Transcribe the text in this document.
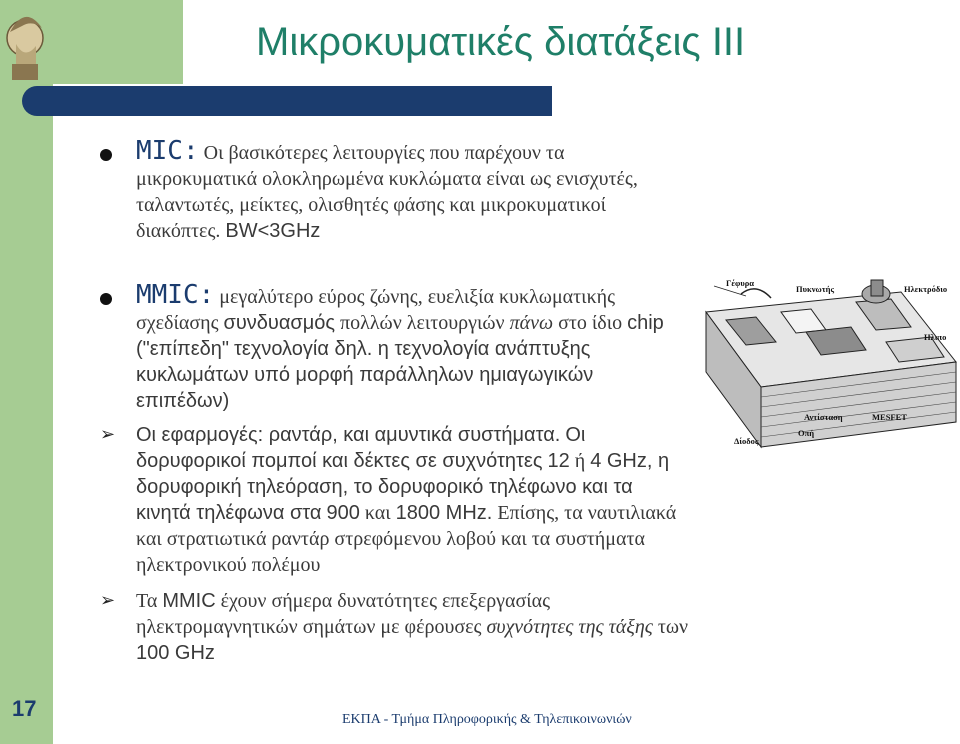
Μικροκυματικές διατάξεις ΙΙΙ
MIC: Οι βασικότερες λειτουργίες που παρέχουν τα μικροκυματικά ολοκληρωμένα κυκλώματα είναι ως ενισχυτές, ταλαντωτές, μείκτες, ολισθητές φάσης και μικροκυματικοί διακόπτες. BW<3GHz
MMIC: μεγαλύτερο εύρος ζώνης, ευελιξία κυκλωματικής σχεδίασης συνδυασμός πολλών λειτουργιών πάνω στο ίδιο chip ("επίπεδη" τεχνολογία δηλ. η τεχνολογία ανάπτυξης κυκλωμάτων υπό μορφή παράλληλων ημιαγωγικών επιπέδων)
➢ Οι εφαρμογές: ραντάρ, και αμυντικά συστήματα. Οι δορυφορικοί πομποί και δέκτες σε συχνότητες 12 ή 4 GHz, η δορυφορική τηλεόραση, το δορυφορικό τηλέφωνο και τα κινητά τηλέφωνα στα 900 και 1800 MHz. Επίσης, τα ναυτιλιακά και στρατιωτικά ραντάρ στρεφόμενου λοβού και τα συστήματα ηλεκτρονικού πολέμου
➢ Τα MMIC έχουν σήμερα δυνατότητες επεξεργασίας ηλεκτρομαγνητικών σημάτων με φέρουσες συχνότητες της τάξης των 100 GHz
Γέφυρα
Πυκνωτής	Ηλεκτρόδιο
Ηλιπο
Δίοδος
Αντίσταση	MESFET
Οπή
17	ΕΚΠΑ - Τμήμα Πληροφορικής & Τηλεπικοινωνιών
